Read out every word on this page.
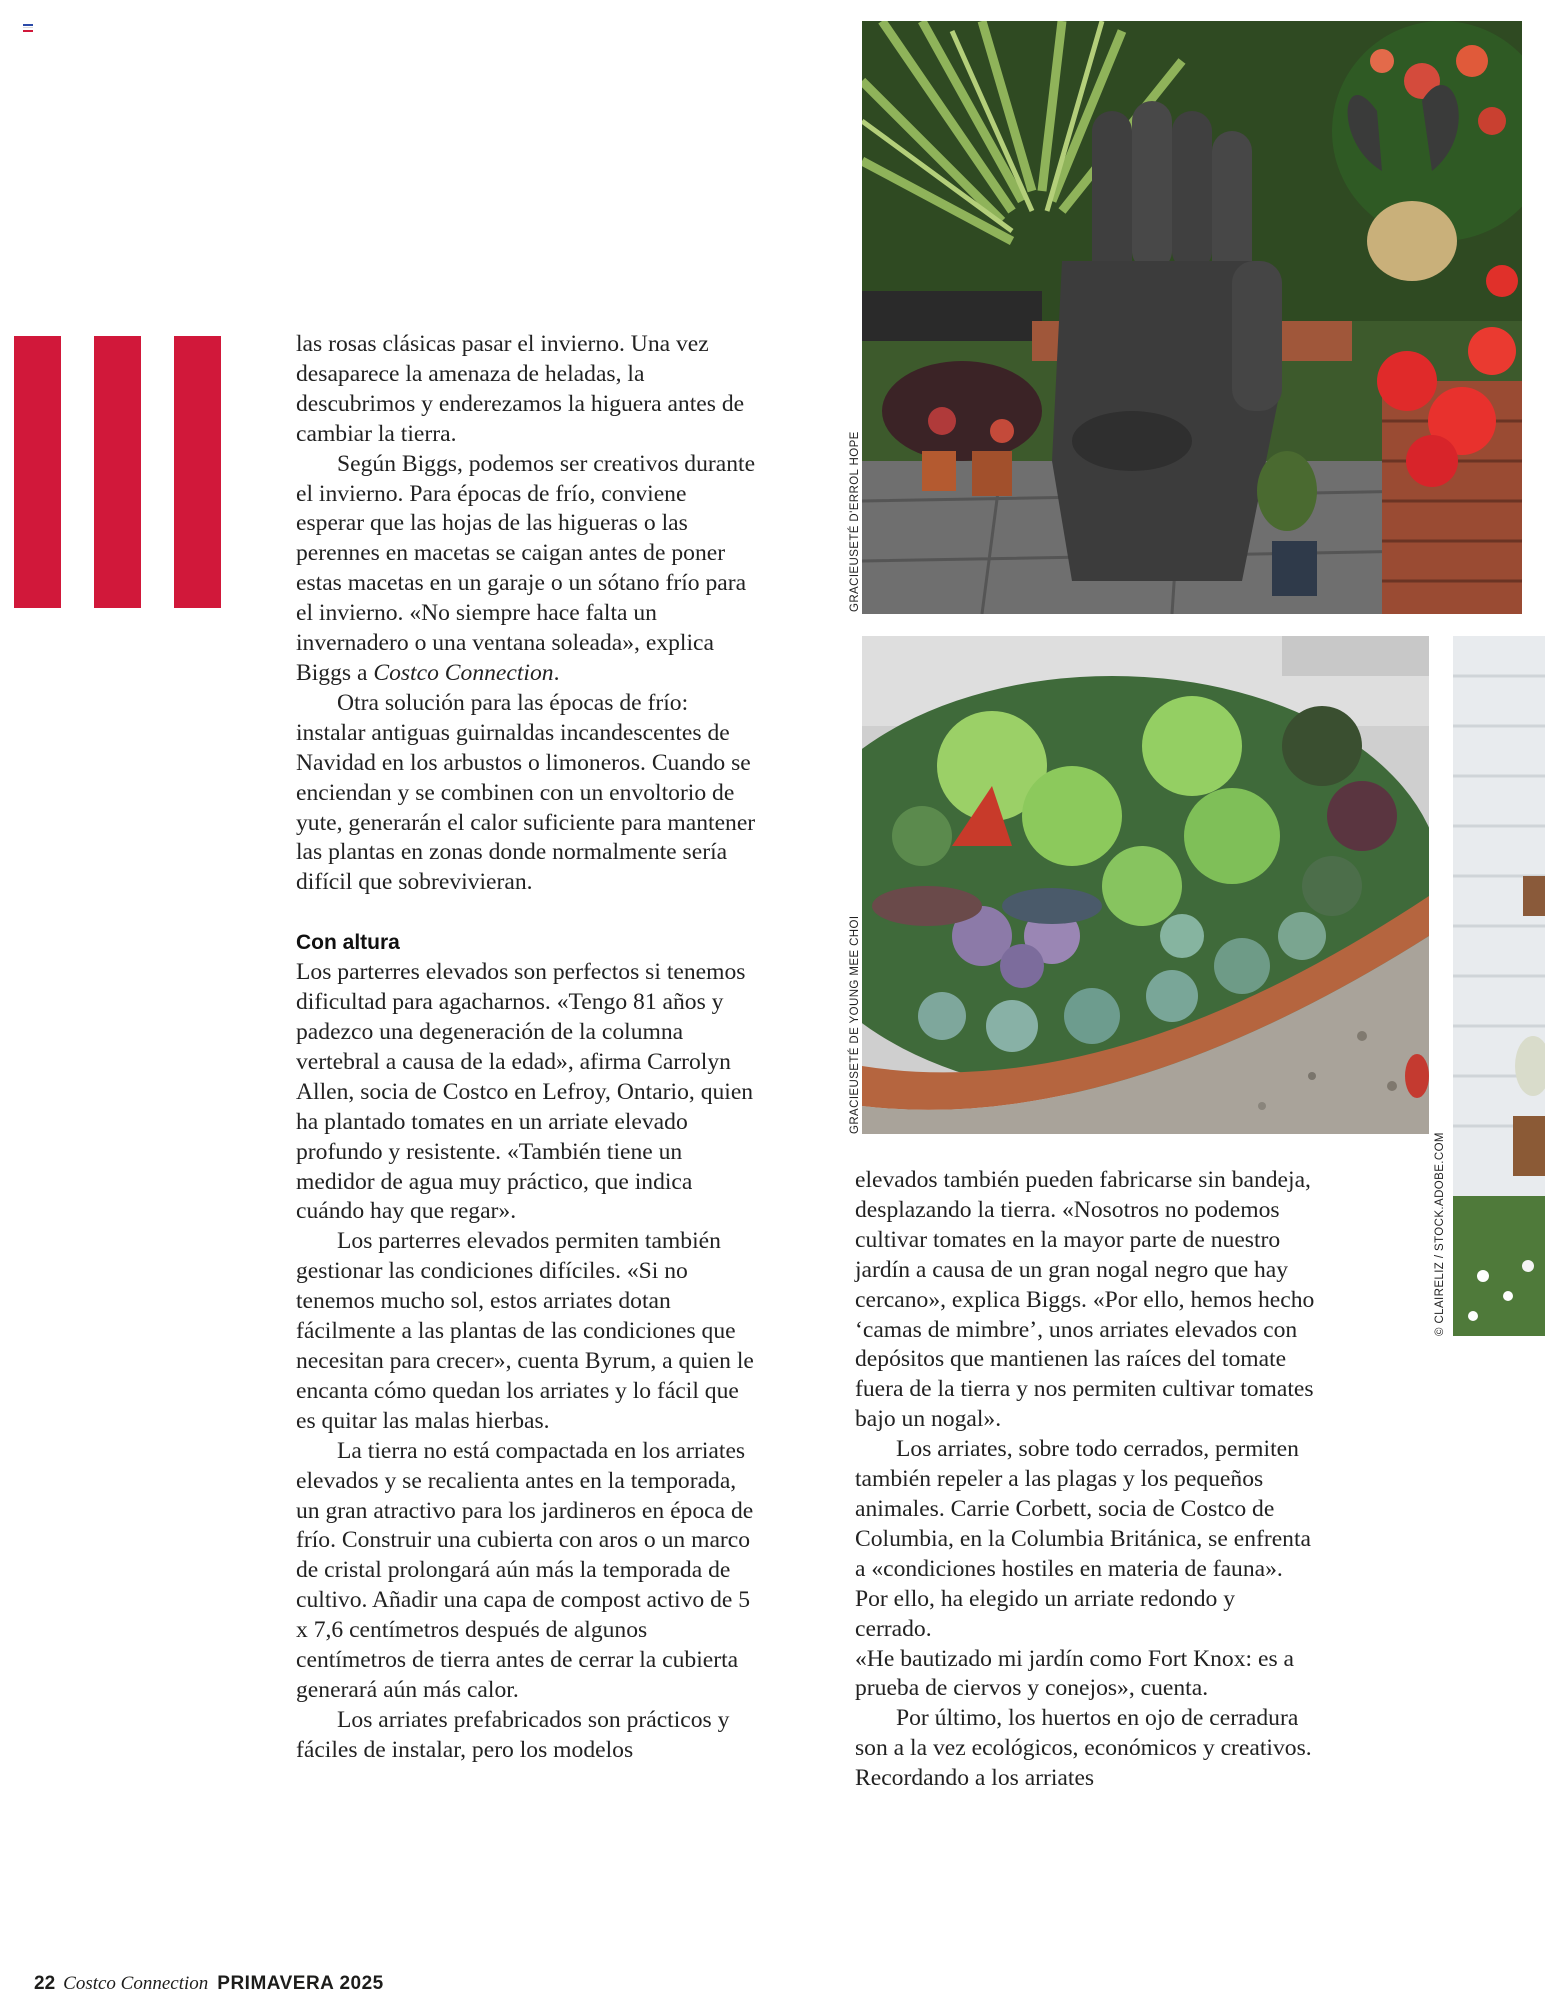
las rosas clásicas pasar el invierno. Una vez desaparece la amenaza de heladas, la descubrimos y enderezamos la higuera antes de cambiar la tierra.

Según Biggs, podemos ser creativos durante el invierno. Para épocas de frío, conviene esperar que las hojas de las higueras o las perennes en macetas se caigan antes de poner estas macetas en un garaje o un sótano frío para el invierno. «No siempre hace falta un invernadero o una ventana soleada», explica Biggs a Costco Connection.

Otra solución para las épocas de frío: instalar antiguas guirnaldas incandescentes de Navidad en los arbustos o limoneros. Cuando se enciendan y se combinen con un envoltorio de yute, generarán el calor suficiente para mantener las plantas en zonas donde normalmente sería difícil que sobrevivieran.

Con altura

Los parterres elevados son perfectos si tenemos dificultad para agacharnos. «Tengo 81 años y padezco una degeneración de la columna vertebral a causa de la edad», afirma Carrolyn Allen, socia de Costco en Lefroy, Ontario, quien ha plantado tomates en un arriate elevado profundo y resistente. «También tiene un medidor de agua muy práctico, que indica cuándo hay que regar».

Los parterres elevados permiten también gestionar las condiciones difíciles. «Si no tenemos mucho sol, estos arriates dotan fácilmente a las plantas de las condiciones que necesitan para crecer», cuenta Byrum, a quien le encanta cómo quedan los arriates y lo fácil que es quitar las malas hierbas.

La tierra no está compactada en los arriates elevados y se recalienta antes en la temporada, un gran atractivo para los jardineros en época de frío. Construir una cubierta con aros o un marco de cristal prolongará aún más la temporada de cultivo. Añadir una capa de compost activo de 5 x 7,6 centímetros después de algunos centímetros de tierra antes de cerrar la cubierta generará aún más calor.

Los arriates prefabricados son prácticos y fáciles de instalar, pero los modelos

elevados también pueden fabricarse sin bandeja, desplazando la tierra. «Nosotros no podemos cultivar tomates en la mayor parte de nuestro jardín a causa de un gran nogal negro que hay cercano», explica Biggs. «Por ello, hemos hecho ‘camas de mimbre’, unos arriates elevados con depósitos que mantienen las raíces del tomate fuera de la tierra y nos permiten cultivar tomates bajo un nogal».

Los arriates, sobre todo cerrados, permiten también repeler a las plagas y los pequeños animales. Carrie Corbett, socia de Costco de Columbia, en la Columbia Británica, se enfrenta a «condiciones hostiles en materia de fauna». Por ello, ha elegido un arriate redondo y cerrado.

«He bautizado mi jardín como Fort Knox: es a prueba de ciervos y conejos», cuenta.

Por último, los huertos en ojo de cerradura son a la vez ecológicos, económicos y creativos. Recordando a los arriates

GRACIEUSETÉ D'ERROL HOPE
GRACIEUSETÉ DE YOUNG MEE CHOI
© CLAIRELIZ / STOCK.ADOBE.COM
22 Costco Connection PRIMAVERA 2025
